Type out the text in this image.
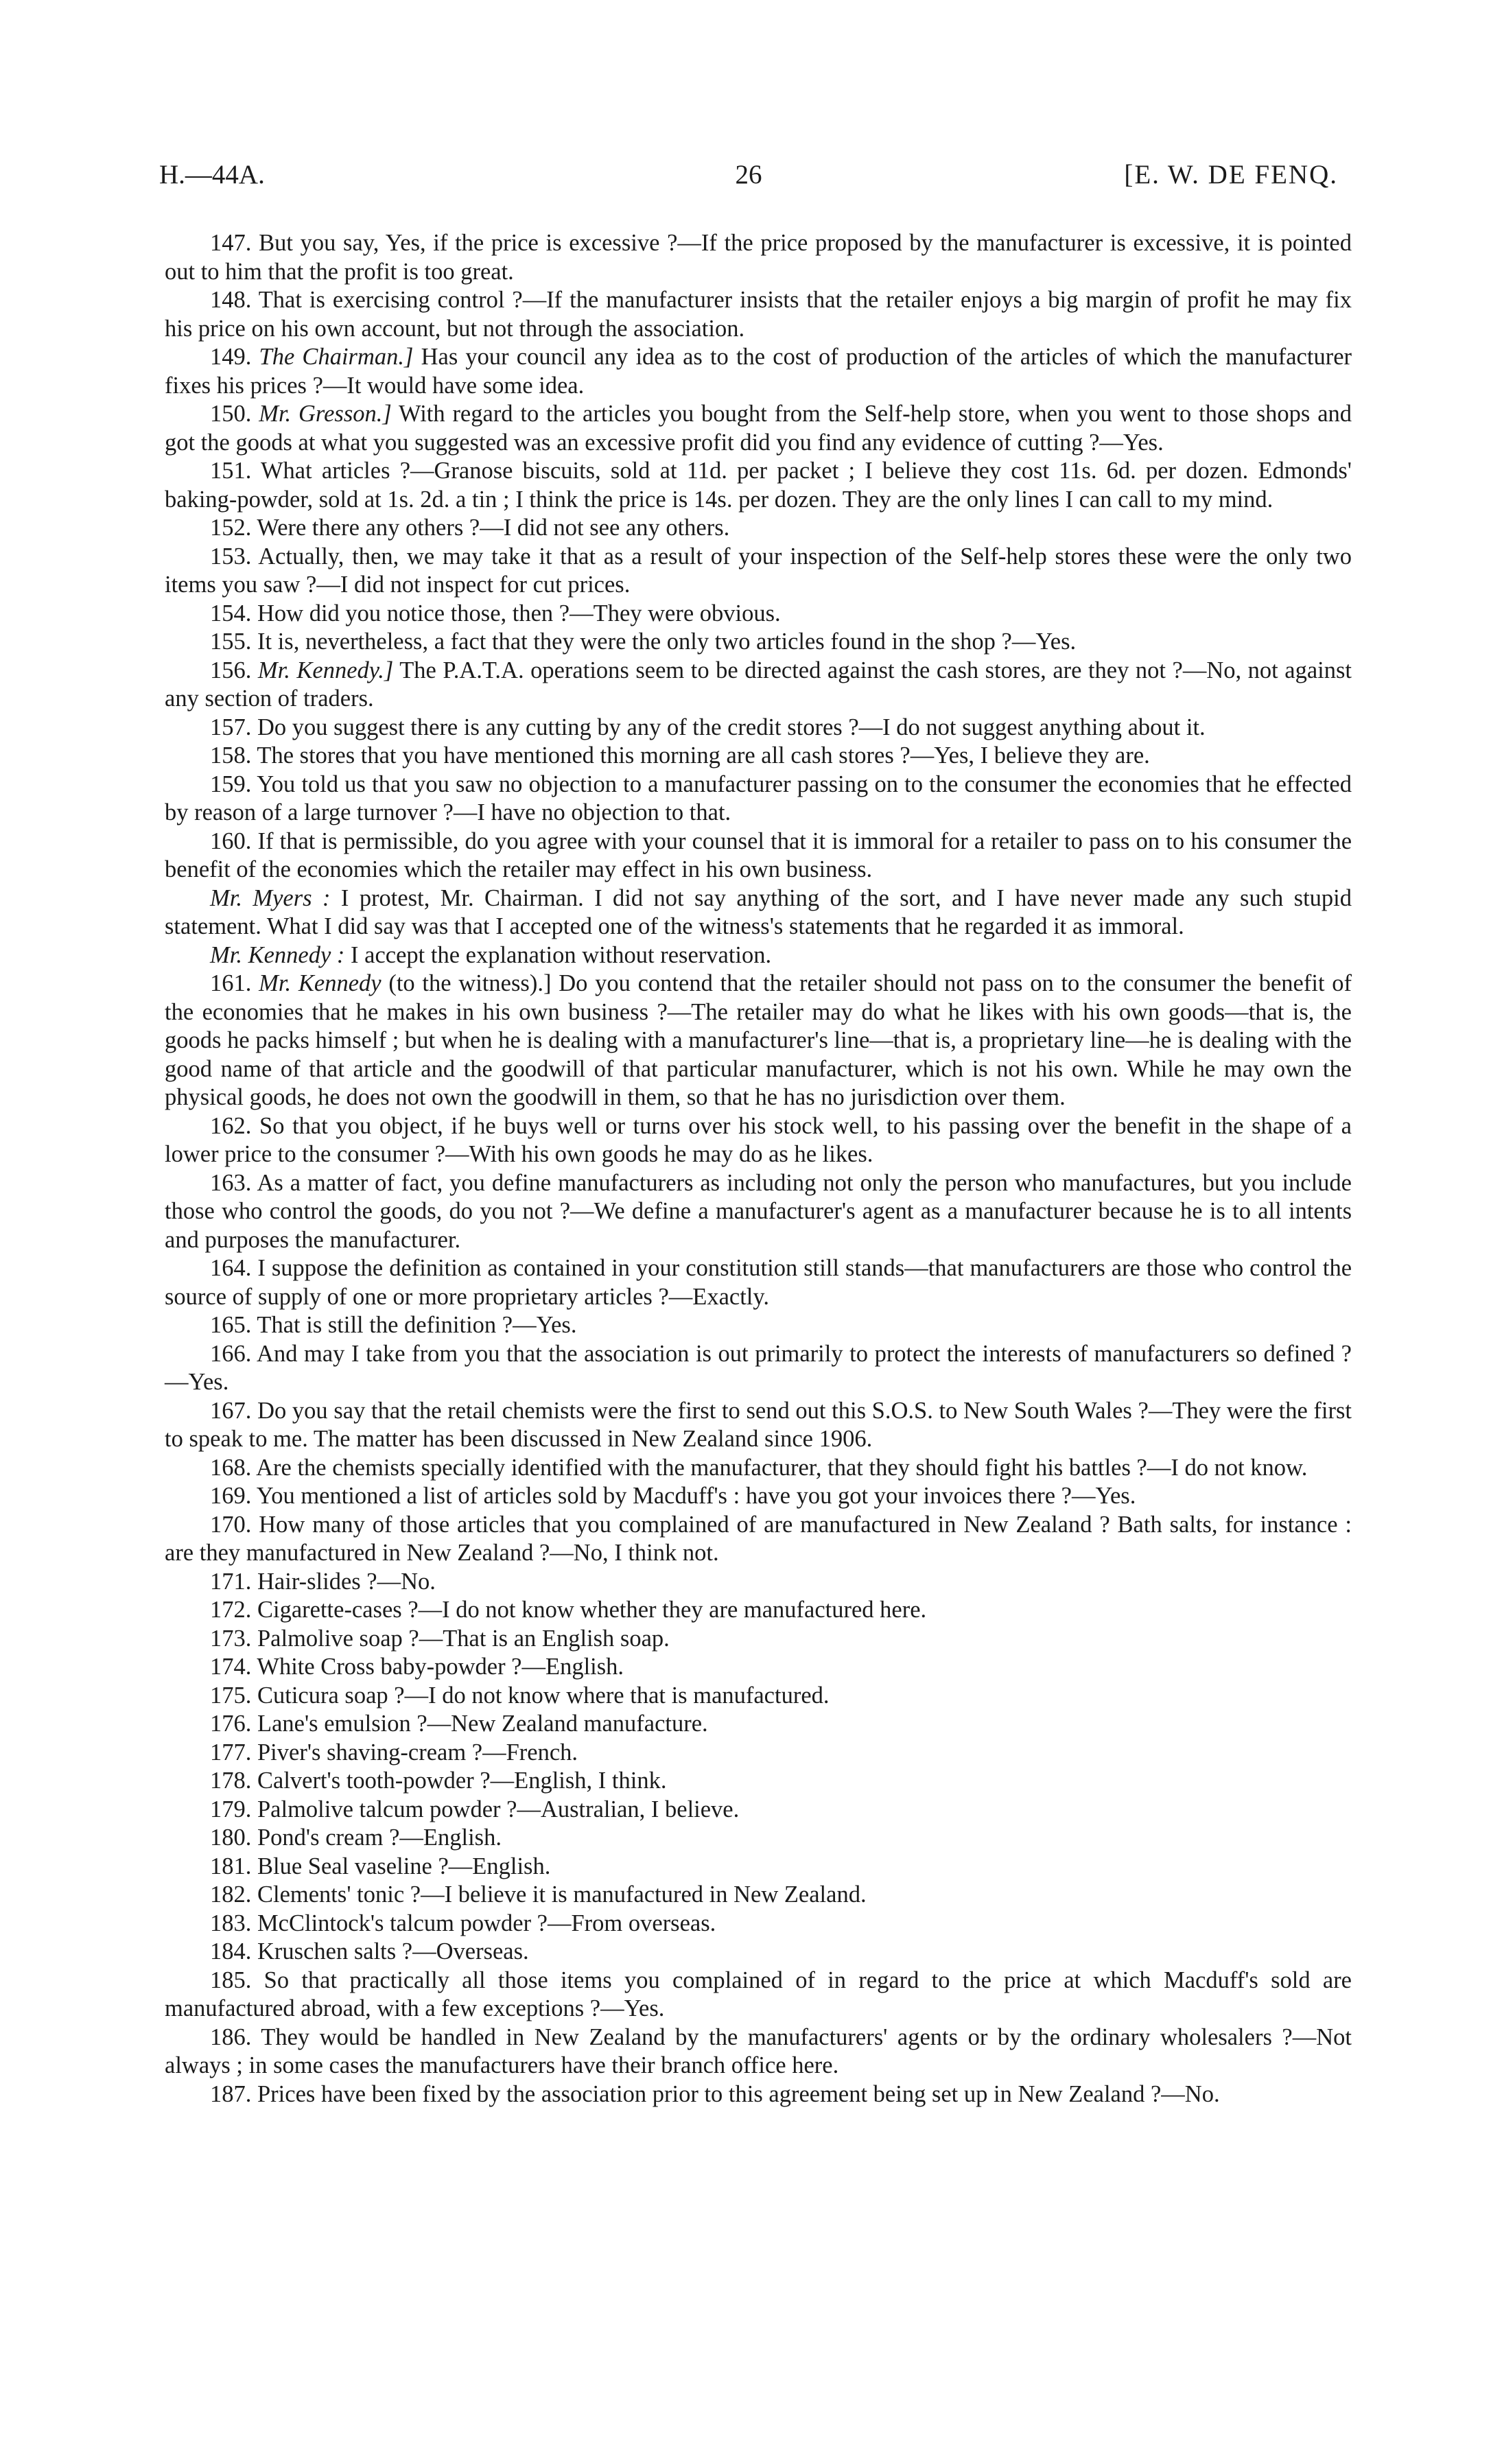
H.—44A.	26	[E. W. DE FENQ.

147. But you say, Yes, if the price is excessive ?—If the price proposed by the manufacturer is excessive, it is pointed out to him that the profit is too great.

148. That is exercising control ?—If the manufacturer insists that the retailer enjoys a big margin of profit he may fix his price on his own account, but not through the association.

149. The Chairman.] Has your council any idea as to the cost of production of the articles of which the manufacturer fixes his prices ?—It would have some idea.

150. Mr. Gresson.] With regard to the articles you bought from the Self-help store, when you went to those shops and got the goods at what you suggested was an excessive profit did you find any evidence of cutting ?—Yes.

151. What articles ?—Granose biscuits, sold at 11d. per packet ; I believe they cost 11s. 6d. per dozen. Edmonds' baking-powder, sold at 1s. 2d. a tin ; I think the price is 14s. per dozen. They are the only lines I can call to my mind.

152. Were there any others ?—I did not see any others.

153. Actually, then, we may take it that as a result of your inspection of the Self-help stores these were the only two items you saw ?—I did not inspect for cut prices.

154. How did you notice those, then ?—They were obvious.

155. It is, nevertheless, a fact that they were the only two articles found in the shop ?—Yes.

156. Mr. Kennedy.] The P.A.T.A. operations seem to be directed against the cash stores, are they not ?—No, not against any section of traders.

157. Do you suggest there is any cutting by any of the credit stores ?—I do not suggest anything about it.

158. The stores that you have mentioned this morning are all cash stores ?—Yes, I believe they are.

159. You told us that you saw no objection to a manufacturer passing on to the consumer the economies that he effected by reason of a large turnover ?—I have no objection to that.

160. If that is permissible, do you agree with your counsel that it is immoral for a retailer to pass on to his consumer the benefit of the economies which the retailer may effect in his own business.

Mr. Myers : I protest, Mr. Chairman. I did not say anything of the sort, and I have never made any such stupid statement. What I did say was that I accepted one of the witness's statements that he regarded it as immoral.

Mr. Kennedy : I accept the explanation without reservation.

161. Mr. Kennedy (to the witness).] Do you contend that the retailer should not pass on to the consumer the benefit of the economies that he makes in his own business ?—The retailer may do what he likes with his own goods—that is, the goods he packs himself ; but when he is dealing with a manufacturer's line—that is, a proprietary line—he is dealing with the good name of that article and the goodwill of that particular manufacturer, which is not his own. While he may own the physical goods, he does not own the goodwill in them, so that he has no jurisdiction over them.

162. So that you object, if he buys well or turns over his stock well, to his passing over the benefit in the shape of a lower price to the consumer ?—With his own goods he may do as he likes.

163. As a matter of fact, you define manufacturers as including not only the person who manufactures, but you include those who control the goods, do you not ?—We define a manufacturer's agent as a manufacturer because he is to all intents and purposes the manufacturer.

164. I suppose the definition as contained in your constitution still stands—that manufacturers are those who control the source of supply of one or more proprietary articles ?—Exactly.

165. That is still the definition ?—Yes.

166. And may I take from you that the association is out primarily to protect the interests of manufacturers so defined ?—Yes.

167. Do you say that the retail chemists were the first to send out this S.O.S. to New South Wales ?—They were the first to speak to me. The matter has been discussed in New Zealand since 1906.

168. Are the chemists specially identified with the manufacturer, that they should fight his battles ?—I do not know.

169. You mentioned a list of articles sold by Macduff's : have you got your invoices there ?—Yes.

170. How many of those articles that you complained of are manufactured in New Zealand ? Bath salts, for instance : are they manufactured in New Zealand ?—No, I think not.

171. Hair-slides ?—No.

172. Cigarette-cases ?—I do not know whether they are manufactured here.

173. Palmolive soap ?—That is an English soap.

174. White Cross baby-powder ?—English.

175. Cuticura soap ?—I do not know where that is manufactured.

176. Lane's emulsion ?—New Zealand manufacture.

177. Piver's shaving-cream ?—French.

178. Calvert's tooth-powder ?—English, I think.

179. Palmolive talcum powder ?—Australian, I believe.

180. Pond's cream ?—English.

181. Blue Seal vaseline ?—English.

182. Clements' tonic ?—I believe it is manufactured in New Zealand.

183. McClintock's talcum powder ?—From overseas.

184. Kruschen salts ?—Overseas.

185. So that practically all those items you complained of in regard to the price at which Macduff's sold are manufactured abroad, with a few exceptions ?—Yes.

186. They would be handled in New Zealand by the manufacturers' agents or by the ordinary wholesalers ?—Not always ; in some cases the manufacturers have their branch office here.

187. Prices have been fixed by the association prior to this agreement being set up in New Zealand ?—No.
